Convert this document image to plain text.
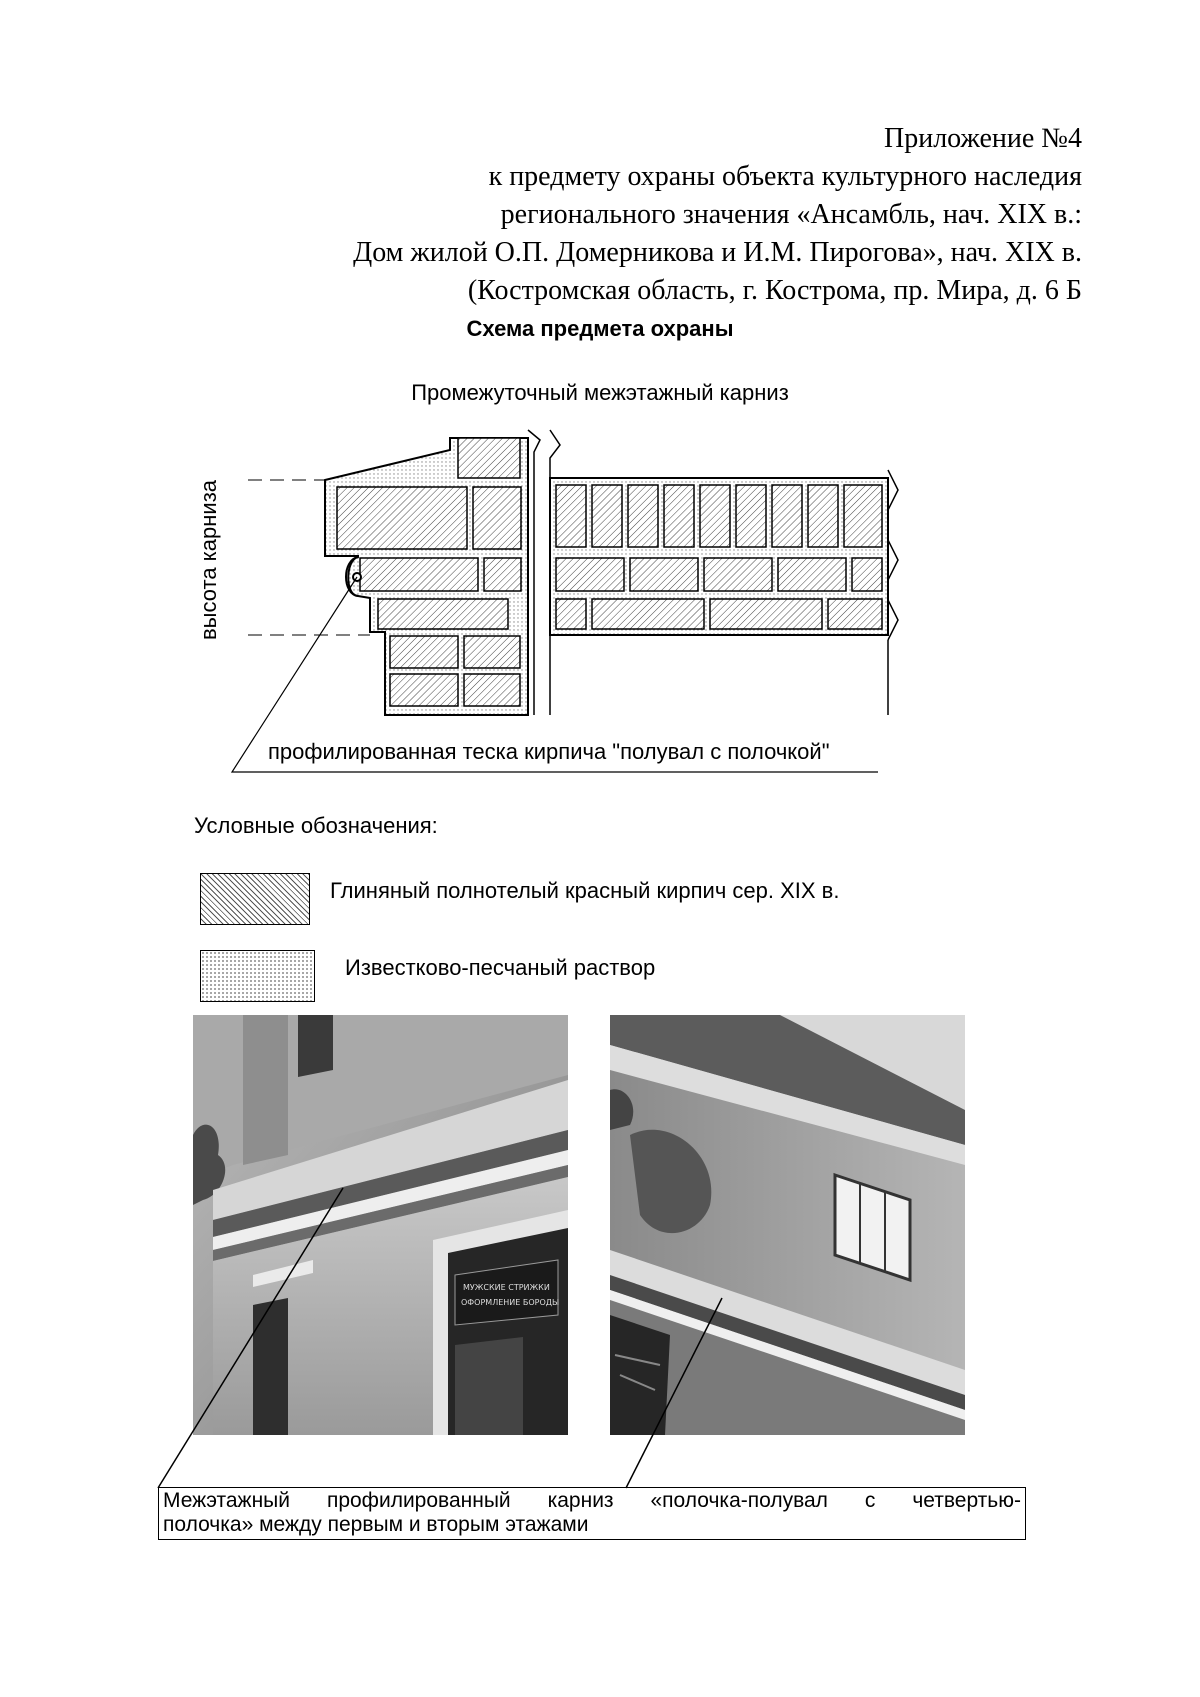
Приложение №4
к предмету охраны объекта культурного наследия
регионального значения «Ансамбль, нач. XIX в.:
Дом жилой О.П. Домерникова и И.М. Пирогова», нач. XIX в.
(Костромская область, г. Кострома, пр. Мира, д. 6 Б
Схема предмета охраны
Промежуточный межэтажный карниз
высота карниза
профилированная теска кирпича "полувал с полочкой"
Условные обозначения:
Глиняный полнотелый красный кирпич сер. XIX в.
Известково-песчаный раствор
МУЖСКИЕ СТРИЖКИ
ОФОРМЛЕНИЕ БОРОДЫ
Межэтажный профилированный карниз «полочка-полувал с четвертью-
полочка» между первым и вторым этажами
